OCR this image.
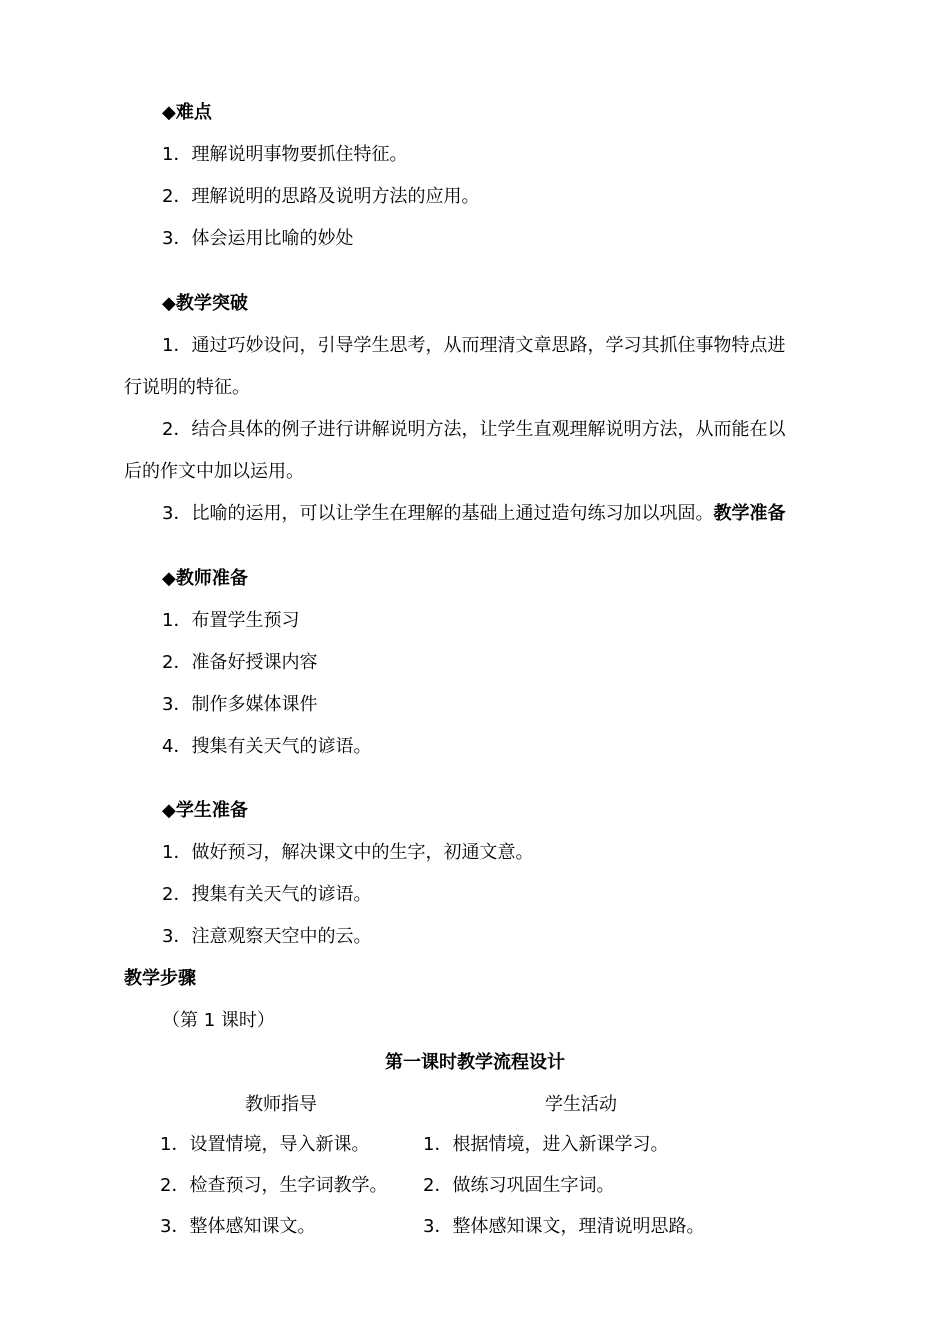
◆难点
1．理解说明事物要抓住特征。
2．理解说明的思路及说明方法的应用。
3．体会运用比喻的妙处
◆教学突破
1．通过巧妙设问，引导学生思考，从而理清文章思路，学习其抓住事物特点进
行说明的特征。
2．结合具体的例子进行讲解说明方法，让学生直观理解说明方法，从而能在以
后的作文中加以运用。
3．比喻的运用，可以让学生在理解的基础上通过造句练习加以巩固。教学准备
◆教师准备
1．布置学生预习
2．准备好授课内容
3．制作多媒体课件
4．搜集有关天气的谚语。
◆学生准备
1．做好预习，解决课文中的生字，初通文意。
2．搜集有关天气的谚语。
3．注意观察天空中的云。
教学步骤
（第 1 课时）
第一课时教学流程设计
教师指导	学生活动
1．设置情境，导入新课。	1．根据情境，进入新课学习。
2．检查预习，生字词教学。 2．做练习巩固生字词。
3．整体感知课文。	3．整体感知课文，理清说明思路。
